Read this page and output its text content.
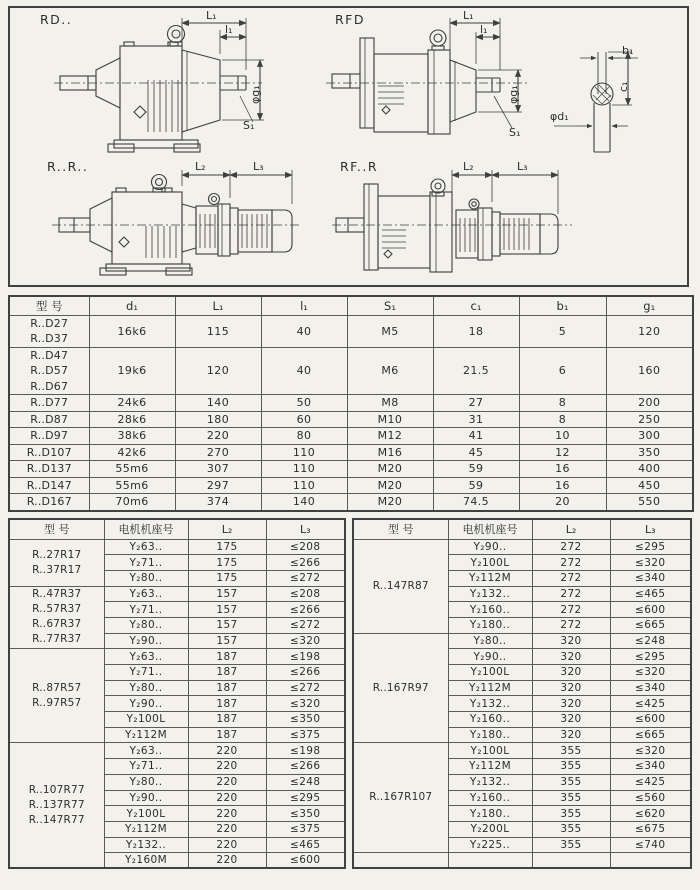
RD..	RFD
R..R..	RF..R
L₁
l₁
φg₁
S₁
L₁
l₁
φg₁
S₁
b₁
c₁
φd₁
L₂	L₃	L₂	L₃
型 号	d₁	L₁	l₁	S₁	c₁	b₁	g₁

R..D27
R..D37	16k6	115	40	M5	18	5	120

R..D47
R..D57
R..D67	19k6	120	40	M6	21.5	6	160

R..D77	24k6	140	50	M8	27	8	200

R..D87	28k6	180	60	M10	31	8	250

R..D97	38k6	220	80	M12	41	10	300

R..D107	42k6	270	110	M16	45	12	350

R..D137	55m6	307	110	M20	59	16	400

R..D147	55m6	297	110	M20	59	16	450

R..D167	70m6	374	140	M20	74.5	20	550
型 号	电机机座号	L₂	L₃

R..27R17
R..37R17	Y₂63..	175	≤208
	Y₂71..	175	≤266
	Y₂80..	175	≤272

R..47R37
R..57R37
R..67R37
R..77R37	Y₂63..	157	≤208
	Y₂71..	157	≤266
	Y₂80..	157	≤272
	Y₂90..	157	≤320

R..87R57
R..97R57	Y₂63..	187	≤198
	Y₂71..	187	≤266
	Y₂80..	187	≤272
	Y₂90..	187	≤320
	Y₂100L	187	≤350
	Y₂112M	187	≤375

R..107R77
R..137R77
R..147R77	Y₂63..	220	≤198
	Y₂71..	220	≤266
	Y₂80..	220	≤248
	Y₂90..	220	≤295
	Y₂100L	220	≤350
	Y₂112M	220	≤375
	Y₂132..	220	≤465
	Y₂160M	220	≤600
型 号	电机机座号	L₂	L₃

R..147R87	Y₂90..	272	≤295
	Y₂100L	272	≤320
	Y₂112M	272	≤340
	Y₂132..	272	≤465
	Y₂160..	272	≤600
	Y₂180..	272	≤665

R..167R97	Y₂80..	320	≤248
	Y₂90..	320	≤295
	Y₂100L	320	≤320
	Y₂112M	320	≤340
	Y₂132..	320	≤425
	Y₂160..	320	≤600
	Y₂180..	320	≤665

R..167R107	Y₂100L	355	≤320
	Y₂112M	355	≤340
	Y₂132..	355	≤425
	Y₂160..	355	≤560
	Y₂180..	355	≤620
	Y₂200L	355	≤675
	Y₂225..	355	≤740
